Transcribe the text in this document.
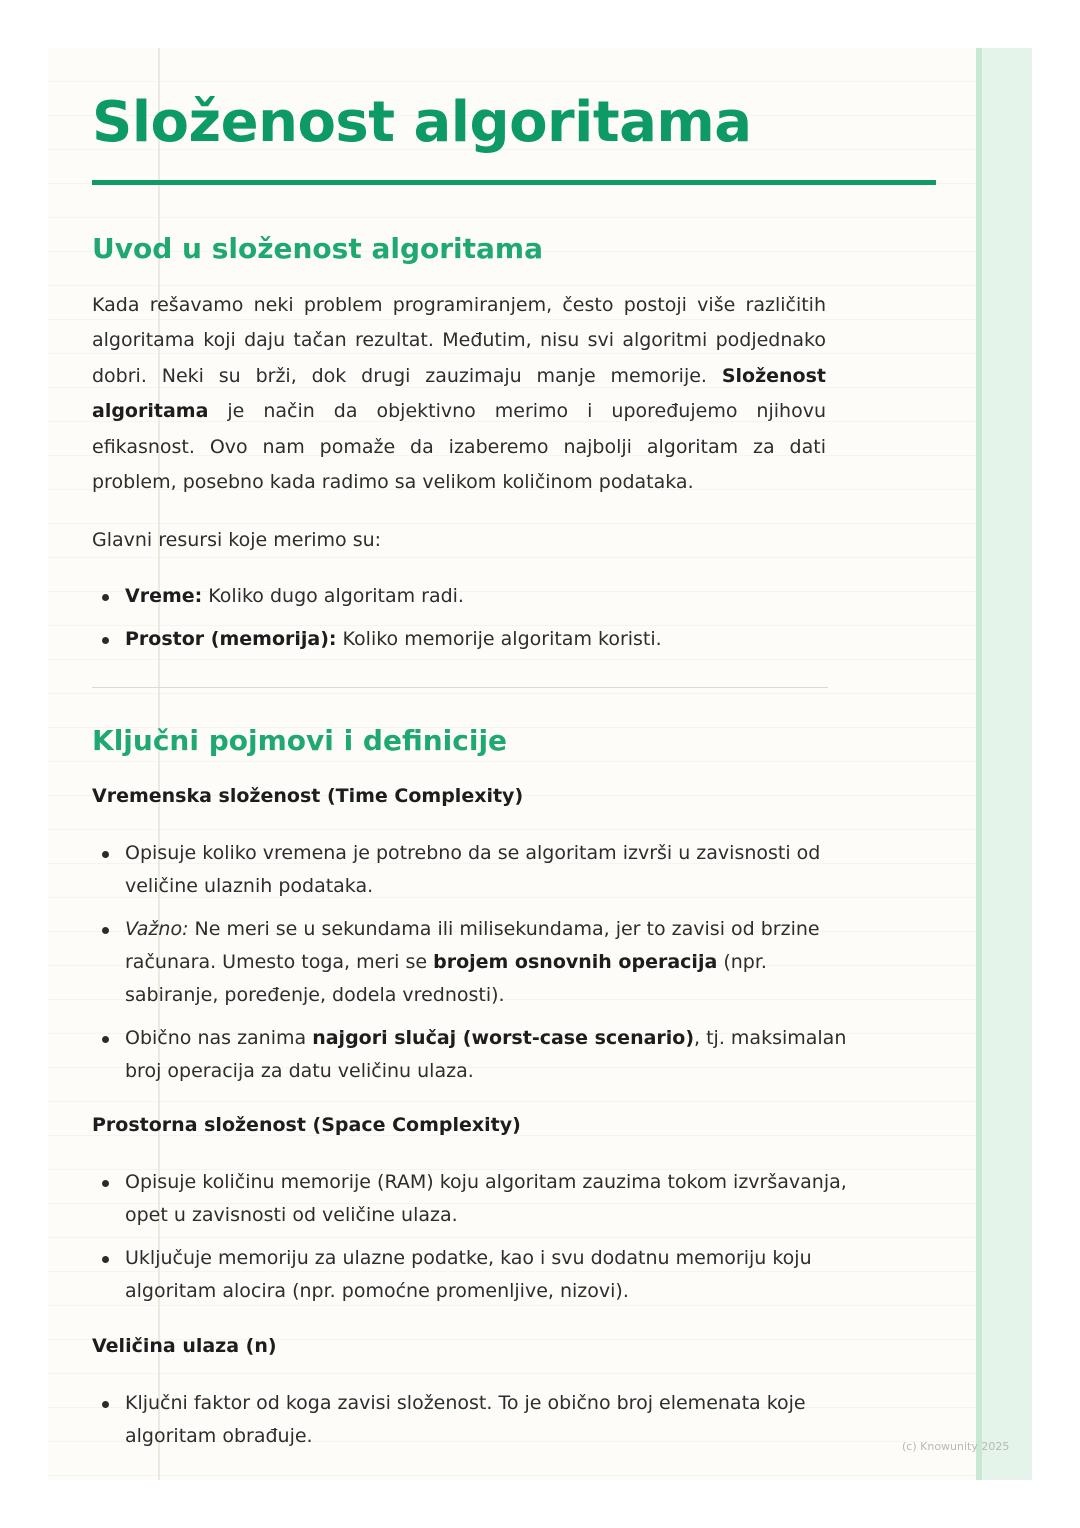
Složenost algoritama
Uvod u složenost algoritama
Kada rešavamo neki problem programiranjem, često postoji više različitih algoritama koji daju tačan rezultat. Međutim, nisu svi algoritmi podjednako dobri. Neki su brži, dok drugi zauzimaju manje memorije. Složenost algoritama je način da objektivno merimo i upoređujemo njihovu efikasnost. Ovo nam pomaže da izaberemo najbolji algoritam za dati problem, posebno kada radimo sa velikom količinom podataka.
Glavni resursi koje merimo su:
Vreme: Koliko dugo algoritam radi.
Prostor (memorija): Koliko memorije algoritam koristi.
Ključni pojmovi i definicije
Vremenska složenost (Time Complexity)
Opisuje koliko vremena je potrebno da se algoritam izvrši u zavisnosti od veličine ulaznih podataka.
Važno: Ne meri se u sekundama ili milisekundama, jer to zavisi od brzine računara. Umesto toga, meri se brojem osnovnih operacija (npr. sabiranje, poređenje, dodela vrednosti).
Obično nas zanima najgori slučaj (worst-case scenario), tj. maksimalan broj operacija za datu veličinu ulaza.
Prostorna složenost (Space Complexity)
Opisuje količinu memorije (RAM) koju algoritam zauzima tokom izvršavanja, opet u zavisnosti od veličine ulaza.
Uključuje memoriju za ulazne podatke, kao i svu dodatnu memoriju koju algoritam alocira (npr. pomoćne promenljive, nizovi).
Veličina ulaza (n)
Ključni faktor od koga zavisi složenost. To je obično broj elemenata koje algoritam obrađuje.	(c) Knowunity 2025
